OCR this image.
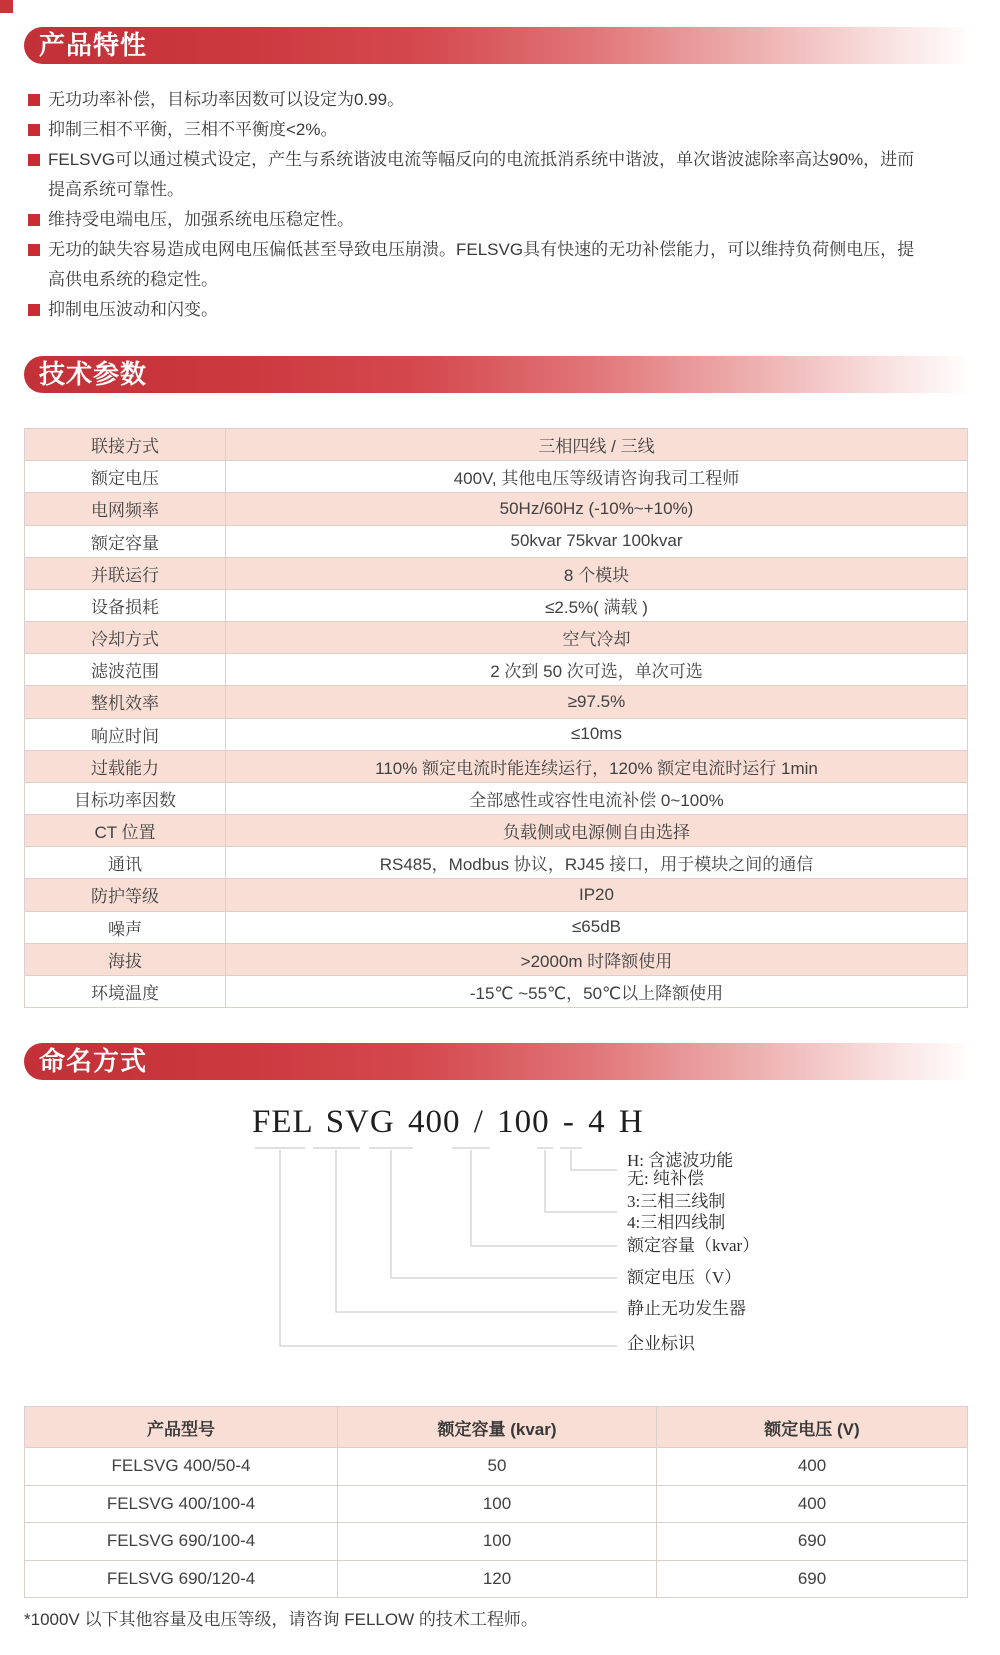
产品特性
无功功率补偿，目标功率因数可以设定为0.99。
抑制三相不平衡，三相不平衡度<2%。
FELSVG可以通过模式设定，产生与系统谐波电流等幅反向的电流抵消系统中谐波，单次谐波滤除率高达90%，进而
提高系统可靠性。
维持受电端电压，加强系统电压稳定性。
无功的缺失容易造成电网电压偏低甚至导致电压崩溃。FELSVG具有快速的无功补偿能力，可以维持负荷侧电压，提
高供电系统的稳定性。
抑制电压波动和闪变。
技术参数
联接方式	三相四线 / 三线
额定电压	400V, 其他电压等级请咨询我司工程师
电网频率	50Hz/60Hz (-10%~+10%)
额定容量	50kvar 75kvar 100kvar
并联运行	8 个模块
设备损耗	≤2.5%( 满载 )
冷却方式	空气冷却
滤波范围	2 次到 50 次可选，单次可选
整机效率	≥97.5%
响应时间	≤10ms
过载能力	110% 额定电流时能连续运行，120% 额定电流时运行 1min
目标功率因数	全部感性或容性电流补偿 0~100%
CT 位置	负载侧或电源侧自由选择
通讯	RS485，Modbus 协议，RJ45 接口，用于模块之间的通信
防护等级	IP20
噪声	≤65dB
海拔	>2000m 时降额使用
环境温度	-15℃ ~55℃，50℃以上降额使用
命名方式
FEL SVG 400 / 100 - 4 H
H: 含滤波功能
无: 纯补偿
3:三相三线制
4:三相四线制
额定容量（kvar）
额定电压（V）
静止无功发生器
企业标识
产品型号	额定容量 (kvar)	额定电压 (V)
FELSVG 400/50-4	50	400
FELSVG 400/100-4	100	400
FELSVG 690/100-4	100	690
FELSVG 690/120-4	120	690
*1000V 以下其他容量及电压等级，请咨询 FELLOW 的技术工程师。
